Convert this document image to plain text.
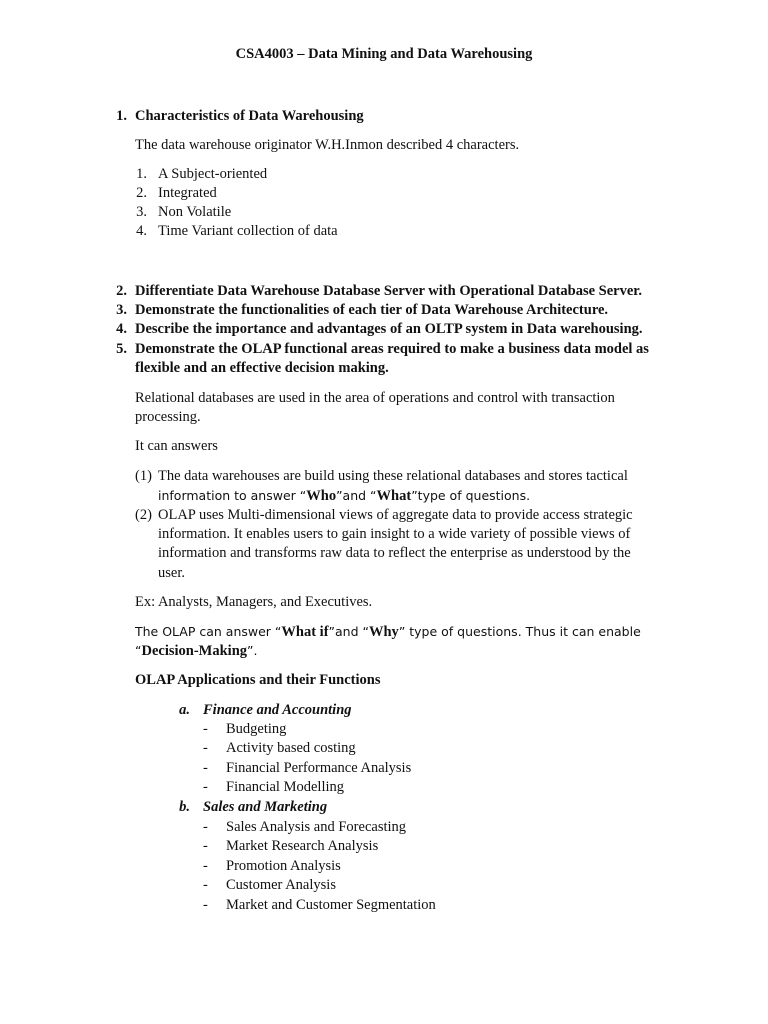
CSA4003 – Data Mining and Data Warehousing
1. Characteristics of Data Warehousing
The data warehouse originator W.H.Inmon described 4 characters.
1. A Subject-oriented
2. Integrated
3. Non Volatile
4. Time Variant collection of data
2. Differentiate Data Warehouse Database Server with Operational Database Server.
3. Demonstrate the functionalities of each tier of Data Warehouse Architecture.
4. Describe the importance and advantages of an OLTP system in Data warehousing.
5. Demonstrate the OLAP functional areas required to make a business data model as
flexible and an effective decision making.
Relational databases are used in the area of operations and control with transaction
processing.
It can answers
(1) The data warehouses are build using these relational databases and stores tactical
information to answer “Who”and “What”type of questions.
(2) OLAP uses Multi-dimensional views of aggregate data to provide access strategic
information. It enables users to gain insight to a wide variety of possible views of
information and transforms raw data to reflect the enterprise as understood by the
user.
Ex: Analysts, Managers, and Executives.
The OLAP can answer “What if”and “Why” type of questions. Thus it can enable
“Decision-Making”.
OLAP Applications and their Functions
a. Finance and Accounting
- Budgeting
- Activity based costing
- Financial Performance Analysis
- Financial Modelling
b. Sales and Marketing
- Sales Analysis and Forecasting
- Market Research Analysis
- Promotion Analysis
- Customer Analysis
- Market and Customer Segmentation
